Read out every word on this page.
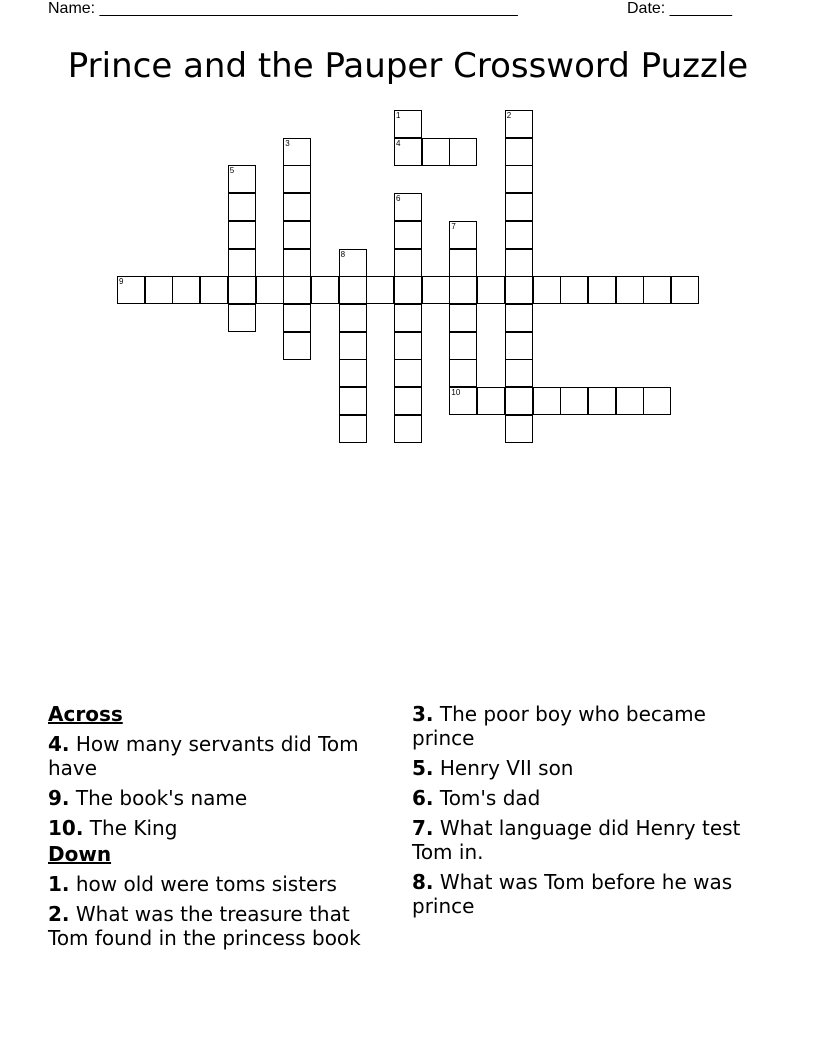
Name: _______________________________________________	Date: _______
Prince and the Pauper Crossword Puzzle
1
4
2
3
5
6
7
8
9
10
Across
4. How many servants did Tom have
9. The book's name
10. The King
Down
1. how old were toms sisters
2. What was the treasure that Tom found in the princess book
3. The poor boy who became prince
5. Henry VII son
6. Tom's dad
7. What language did Henry test Tom in.
8. What was Tom before he was prince
